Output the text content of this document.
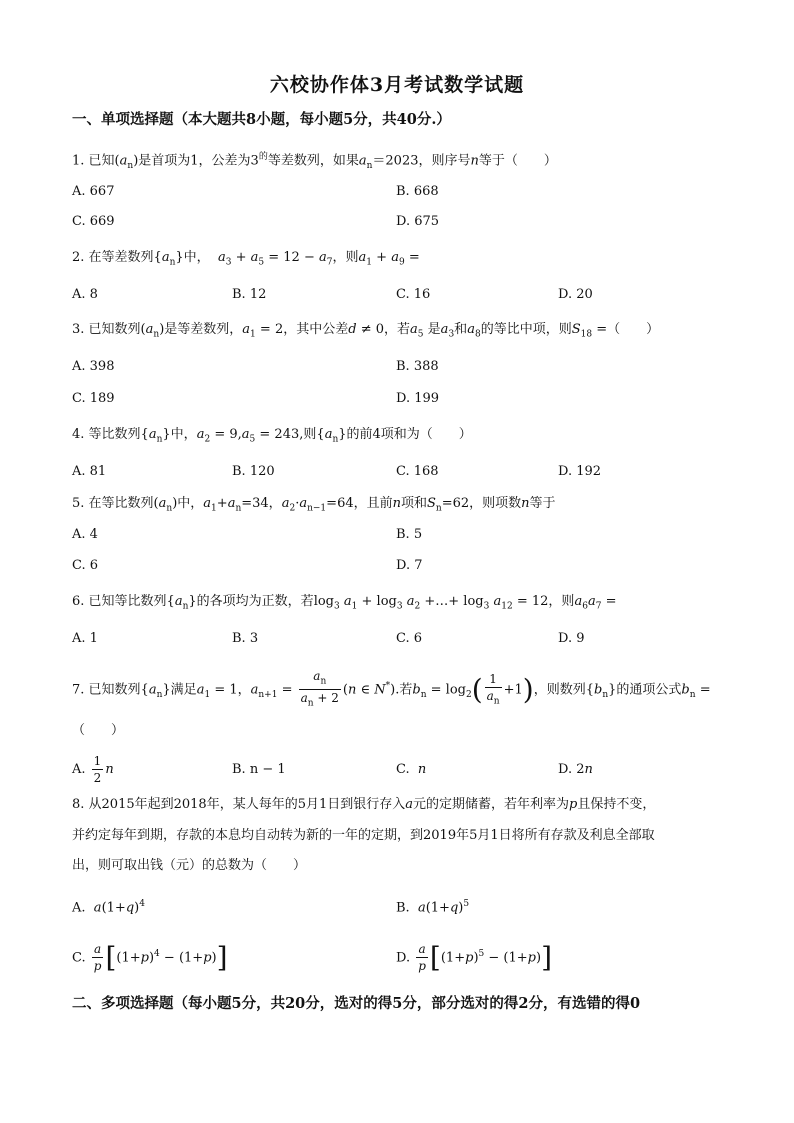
六校协作体3月考试数学试题
一、单项选择题（本大题共8小题，每小题5分，共40分.）
1. 已知$(a_n)$是首项为1，公差为$3^的$等差数列，如果$a_n=2023$，则序号n等于（　　）
A. 667	B. 668
C. 669	D. 675
2. 在等差数列$\{a_n\}$中， $a_3 + a_5 = 12 - a_7$，则$a_1 + a_9$ =
A. 8	B. 12	C. 16	D. 20
3. 已知数列$(a_n)$是等差数列，$a_1 = 2$，其中公差d ≠ 0，若$a_5$ 是$a_3$和$a_8$的等比中项，则$S_{18}$ =（　　）
A. 398	B. 388
C. 189	D. 199
4. 等比数列$\{a_n\}$中，$a_2 = 9,a_5 = 243$,则$\{a_n\}$的前4项和为（　　）
A. 81	B. 120	C. 168	D. 192
5. 在等比数列$(a_n)$中，$a_1+a_n=34$，$a_2\cdot a_{n-1}=64$，且前n项和$S_n=62$，则项数n等于
A. 4	B. 5
C. 6	D. 7
6. 已知等比数列$\{a_n\}$的各项均为正数，若$\log_3 a_1 + \log_3 a_2$ +…+ $\log_3 a_{12} = 12$，则$a_6a_7$ =
A. 1	B. 3	C. 6	D. 9
7. 已知数列$\{a_n\}$满足$a_1 = 1$，$a_{n+1} = \frac{a_n}{a_n + 2} (n$ ∈ N*).若$b_n = \log_2( \frac{1}{a_n} +1)$，则数列$\{b_n\}$的通项公式$b_n$ =
（　　）
A. $\frac{1}{2}$ n	B. n − 1	C. n	D. 2n
8. 从2015年起到2018年，某人每年的5月1日到银行存入a元的定期储蓄，若年利率为p且保持不变，
并约定每年到期，存款的本息均自动转为新的一年的定期，到2019年5月1日将所有存款及利息全部取
出，则可取出钱（元）的总数为（　　）
A. $a(1+q)^4$	B. $a(1+q)^5$
C. $\frac{a}{p} [(1+p)^4 - (1+p)]$	D. $\frac{a}{p} [(1+p)^5 - (1+p)]$
二、多项选择题（每小题5分，共20分，选对的得5分，部分选对的得2分，有选错的得0
